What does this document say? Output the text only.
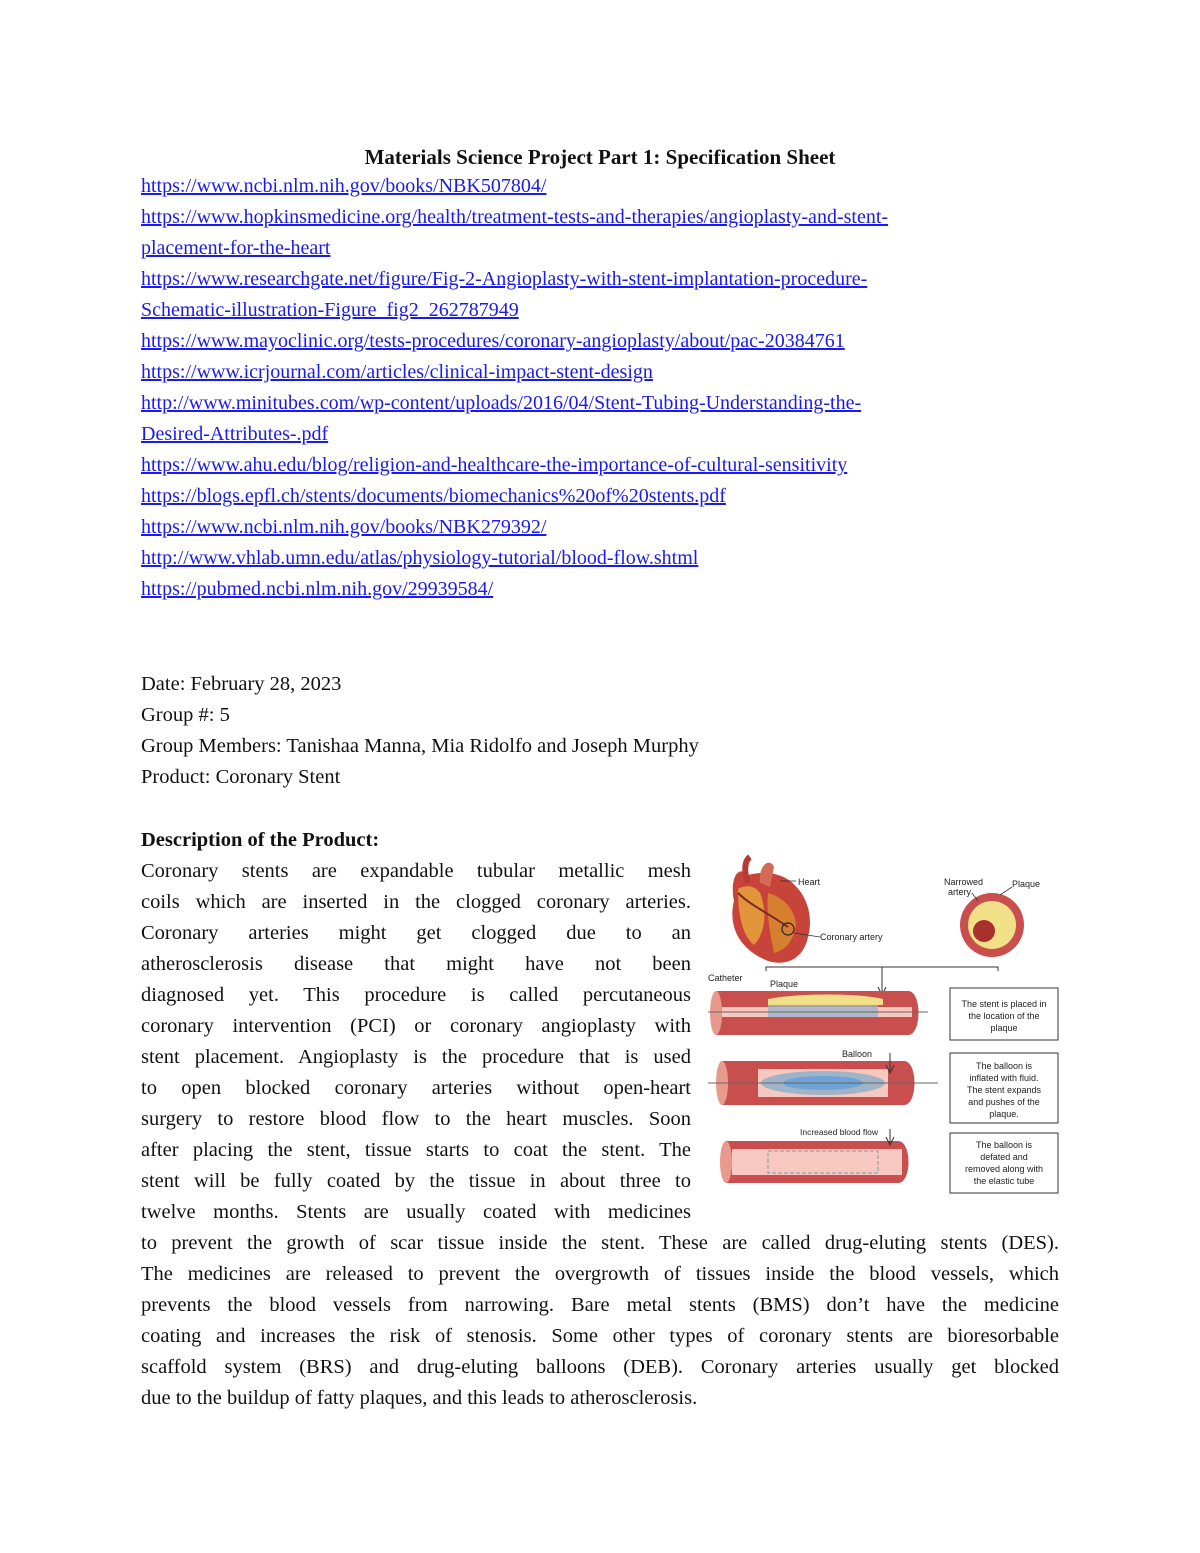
Materials Science Project Part 1: Specification Sheet
https://www.ncbi.nlm.nih.gov/books/NBK507804/
https://www.hopkinsmedicine.org/health/treatment-tests-and-therapies/angioplasty-and-stent-
placement-for-the-heart
https://www.researchgate.net/figure/Fig-2-Angioplasty-with-stent-implantation-procedure-
Schematic-illustration-Figure_fig2_262787949
https://www.mayoclinic.org/tests-procedures/coronary-angioplasty/about/pac-20384761
https://www.icrjournal.com/articles/clinical-impact-stent-design
http://www.minitubes.com/wp-content/uploads/2016/04/Stent-Tubing-Understanding-the-
Desired-Attributes-.pdf
https://www.ahu.edu/blog/religion-and-healthcare-the-importance-of-cultural-sensitivity
https://blogs.epfl.ch/stents/documents/biomechanics%20of%20stents.pdf
https://www.ncbi.nlm.nih.gov/books/NBK279392/
http://www.vhlab.umn.edu/atlas/physiology-tutorial/blood-flow.shtml
https://pubmed.ncbi.nlm.nih.gov/29939584/
Date: February 28, 2023
Group #: 5
Group Members: Tanishaa Manna, Mia Ridolfo and Joseph Murphy
Product: Coronary Stent
Description of the Product:
Coronary stents are expandable tubular metallic mesh
coils which are inserted in the clogged coronary arteries.
Coronary arteries might get clogged due to an
atherosclerosis disease that might have not been
diagnosed yet. This procedure is called percutaneous
coronary intervention (PCI) or coronary angioplasty with
stent placement. Angioplasty is the procedure that is used
to open blocked coronary arteries without open-heart
surgery to restore blood flow to the heart muscles. Soon
after placing the stent, tissue starts to coat the stent. The
stent will be fully coated by the tissue in about three to
twelve months. Stents are usually coated with medicines
to prevent the growth of scar tissue inside the stent. These are called drug-eluting stents (DES).
The medicines are released to prevent the overgrowth of tissues inside the blood vessels, which
prevents the blood vessels from narrowing. Bare metal stents (BMS) don’t have the medicine
coating and increases the risk of stenosis. Some other types of coronary stents are bioresorbable
scaffold system (BRS) and drug-eluting balloons (DEB). Coronary arteries usually get blocked
due to the buildup of fatty plaques, and this leads to atherosclerosis.
Heart
Coronary artery
Narrowed
artery
Plaque
Catheter
Plaque
Balloon
Increased blood flow
The stent is placed in
the location of the
plaque
The balloon is
inflated with fluid.
The stent expands
and pushes of the
plaque.
The balloon is
defated and
removed along with
the elastic tube
